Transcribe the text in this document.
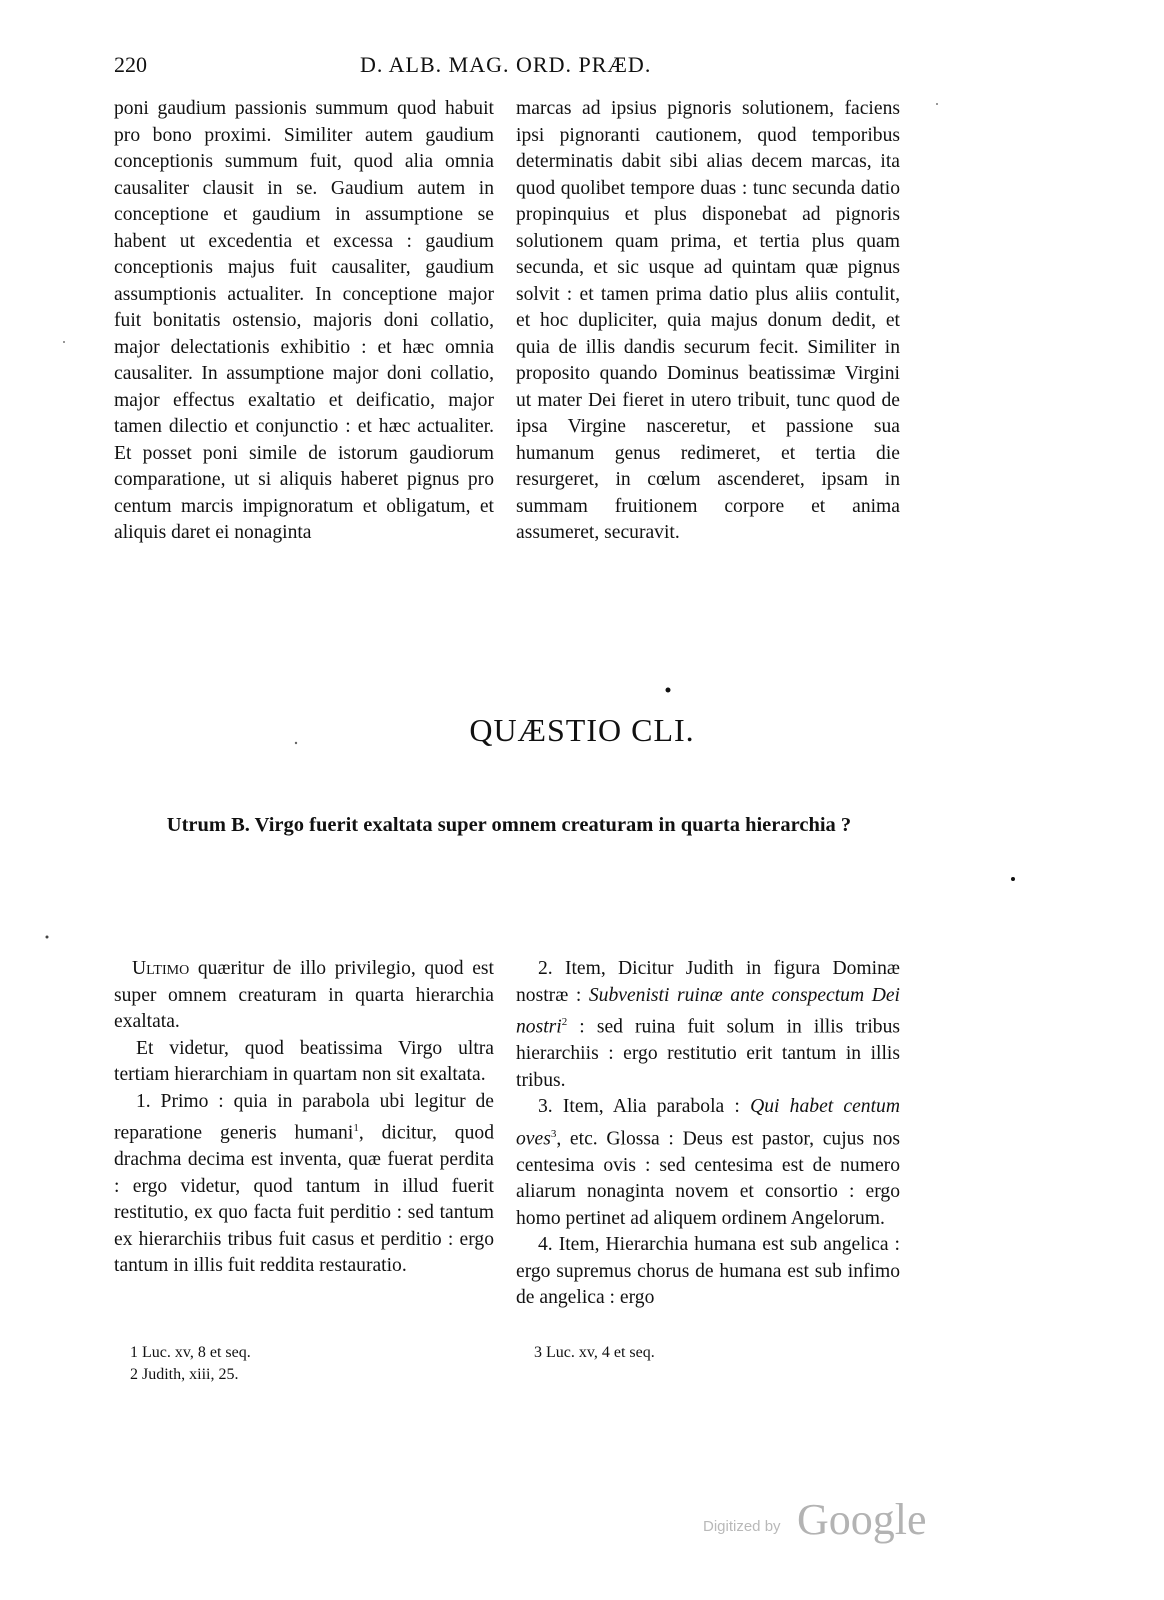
220	D. ALB. MAG. ORD. PRÆD.

poni gaudium passionis summum quod habuit pro bono proximi. Similiter autem gaudium conceptionis summum fuit, quod alia omnia causaliter clausit in se. Gaudium autem in conceptione et gaudium in assumptione se habent ut excedentia et excessa : gaudium conceptionis majus fuit causaliter, gaudium assumptionis actualiter. In conceptione major fuit bonitatis ostensio, majoris doni collatio, major delectationis exhibitio : et hæc omnia causaliter. In assumptione major doni collatio, major effectus exaltatio et deificatio, major tamen dilectio et conjunctio : et hæc actualiter. Et posset poni simile de istorum gaudiorum comparatione, ut si aliquis haberet pignus pro centum marcis impignoratum et obligatum, et aliquis daret ei nonaginta

marcas ad ipsius pignoris solutionem, faciens ipsi pignoranti cautionem, quod temporibus determinatis dabit sibi alias decem marcas, ita quod quolibet tempore duas : tunc secunda datio propinquius et plus disponebat ad pignoris solutionem quam prima, et tertia plus quam secunda, et sic usque ad quintam quæ pignus solvit : et tamen prima datio plus aliis contulit, et hoc dupliciter, quia majus donum dedit, et quia de illis dandis securum fecit. Similiter in proposito quando Dominus beatissimæ Virgini ut mater Dei fieret in utero tribuit, tunc quod de ipsa Virgine nasceretur, et passione sua humanum genus redimeret, et tertia die resurgeret, in cœlum ascenderet, ipsam in summam fruitionem corpore et anima assumeret, securavit.

QUÆSTIO CLI.
Utrum B. Virgo fuerit exaltata super omnem creaturam in quarta hierarchia ?

Ultimo quæritur de illo privilegio, quod est super omnem creaturam in quarta hierarchia exaltata.

Et videtur, quod beatissima Virgo ultra tertiam hierarchiam in quartam non sit exaltata.

1. Primo : quia in parabola ubi legitur de reparatione generis humani$^1$, dicitur, quod drachma decima est inventa, quæ fuerat perdita : ergo videtur, quod tantum in illud fuerit restitutio, ex quo facta fuit perditio : sed tantum ex hierarchiis tribus fuit casus et perditio : ergo tantum in illis fuit reddita restauratio.

2. Item, Dicitur Judith in figura Dominæ nostræ : Subvenisti ruinæ ante conspectum Dei nostri$^2$ : sed ruina fuit solum in illis tribus hierarchiis : ergo restitutio erit tantum in illis tribus.

3. Item, Alia parabola : Qui habet centum oves$^3$, etc. Glossa : Deus est pastor, cujus nos centesima ovis : sed centesima est de numero aliarum nonaginta novem et consortio : ergo homo pertinet ad aliquem ordinem Angelorum.

4. Item, Hierarchia humana est sub angelica : ergo supremus chorus de humana est sub infimo de angelica : ergo

1 Luc. xv, 8 et seq.
2 Judith, xiii, 25.
3 Luc. xv, 4 et seq.
Digitized by Google
